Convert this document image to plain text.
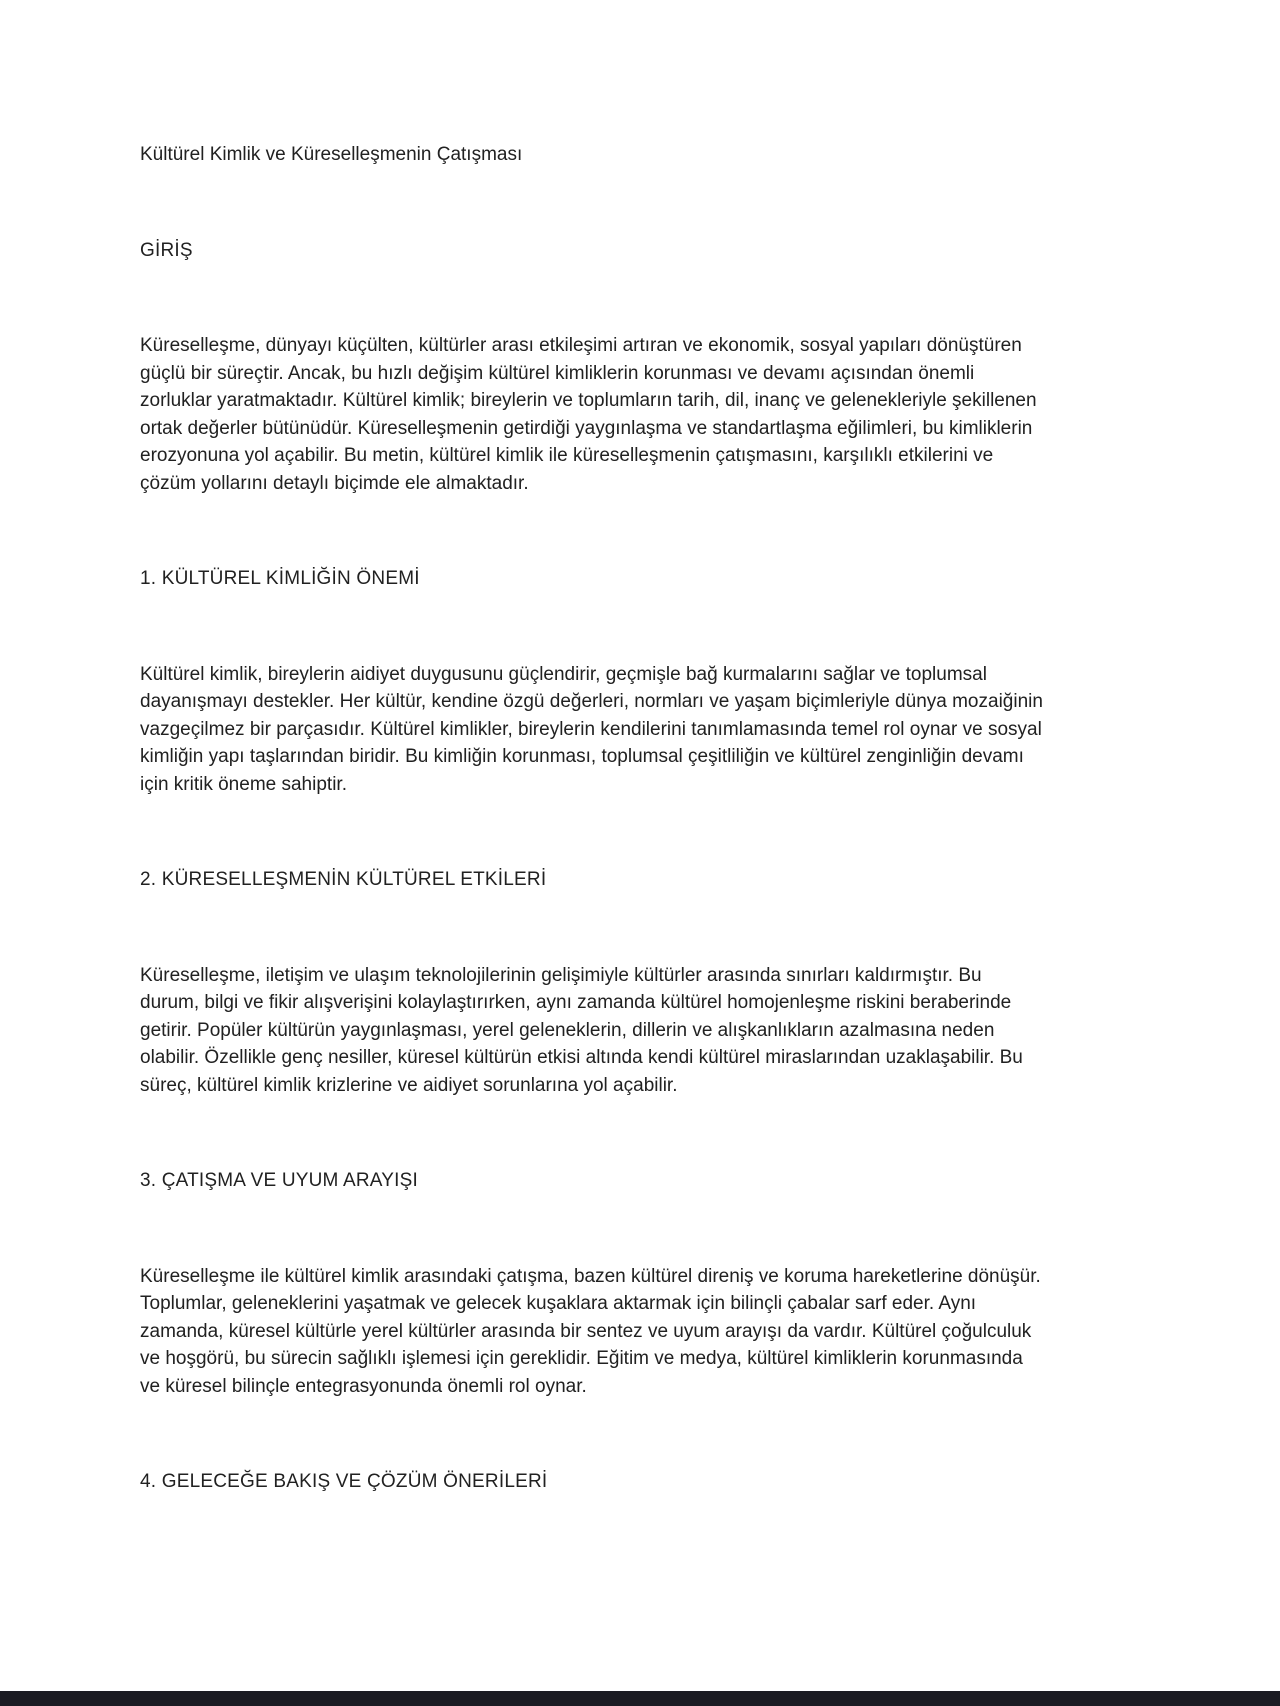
Kültürel Kimlik ve Küreselleşmenin Çatışması

GİRİŞ

Küreselleşme, dünyayı küçülten, kültürler arası etkileşimi artıran ve ekonomik, sosyal yapıları dönüştüren güçlü bir süreçtir. Ancak, bu hızlı değişim kültürel kimliklerin korunması ve devamı açısından önemli zorluklar yaratmaktadır. Kültürel kimlik; bireylerin ve toplumların tarih, dil, inanç ve gelenekleriyle şekillenen ortak değerler bütünüdür. Küreselleşmenin getirdiği yaygınlaşma ve standartlaşma eğilimleri, bu kimliklerin erozyonuna yol açabilir. Bu metin, kültürel kimlik ile küreselleşmenin çatışmasını, karşılıklı etkilerini ve çözüm yollarını detaylı biçimde ele almaktadır.

1. KÜLTÜREL KİMLİĞİN ÖNEMİ

Kültürel kimlik, bireylerin aidiyet duygusunu güçlendirir, geçmişle bağ kurmalarını sağlar ve toplumsal dayanışmayı destekler. Her kültür, kendine özgü değerleri, normları ve yaşam biçimleriyle dünya mozaiğinin vazgeçilmez bir parçasıdır. Kültürel kimlikler, bireylerin kendilerini tanımlamasında temel rol oynar ve sosyal kimliğin yapı taşlarından biridir. Bu kimliğin korunması, toplumsal çeşitliliğin ve kültürel zenginliğin devamı için kritik öneme sahiptir.

2. KÜRESELLEŞMENİN KÜLTÜREL ETKİLERİ

Küreselleşme, iletişim ve ulaşım teknolojilerinin gelişimiyle kültürler arasında sınırları kaldırmıştır. Bu durum, bilgi ve fikir alışverişini kolaylaştırırken, aynı zamanda kültürel homojenleşme riskini beraberinde getirir. Popüler kültürün yaygınlaşması, yerel geleneklerin, dillerin ve alışkanlıkların azalmasına neden olabilir. Özellikle genç nesiller, küresel kültürün etkisi altında kendi kültürel miraslarından uzaklaşabilir. Bu süreç, kültürel kimlik krizlerine ve aidiyet sorunlarına yol açabilir.

3. ÇATIŞMA VE UYUM ARAYIŞI

Küreselleşme ile kültürel kimlik arasındaki çatışma, bazen kültürel direniş ve koruma hareketlerine dönüşür. Toplumlar, geleneklerini yaşatmak ve gelecek kuşaklara aktarmak için bilinçli çabalar sarf eder. Aynı zamanda, küresel kültürle yerel kültürler arasında bir sentez ve uyum arayışı da vardır. Kültürel çoğulculuk ve hoşgörü, bu sürecin sağlıklı işlemesi için gereklidir. Eğitim ve medya, kültürel kimliklerin korunmasında ve küresel bilinçle entegrasyonunda önemli rol oynar.

4. GELECEĞE BAKIŞ VE ÇÖZÜM ÖNERİLERİ
